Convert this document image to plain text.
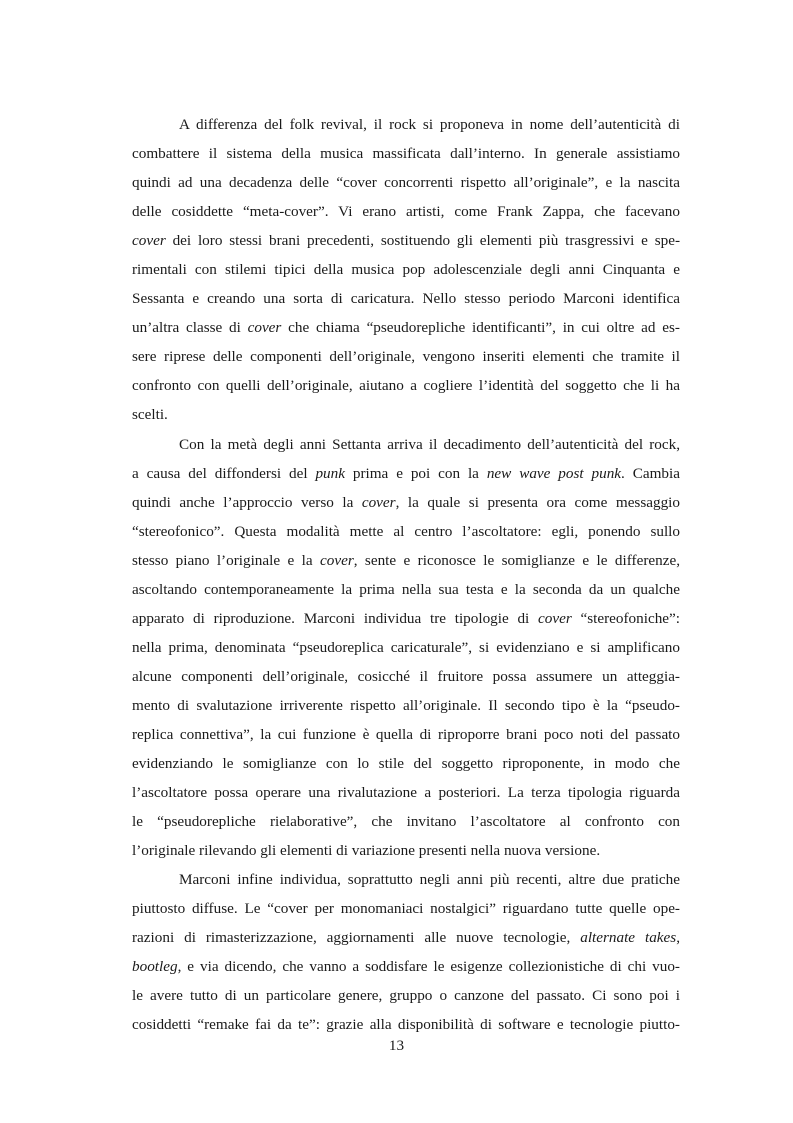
A differenza del folk revival, il rock si proponeva in nome dell’autenticità di
combattere il sistema della musica massificata dall’interno. In generale assistiamo
quindi ad una decadenza delle “cover concorrenti rispetto all’originale”, e la nascita
delle cosiddette “meta-cover”. Vi erano artisti, come Frank Zappa, che facevano
cover dei loro stessi brani precedenti, sostituendo gli elementi più trasgressivi e spe-
rimentali con stilemi tipici della musica pop adolescenziale degli anni Cinquanta e
Sessanta e creando una sorta di caricatura. Nello stesso periodo Marconi identifica
un’altra classe di cover che chiama “pseudorepliche identificanti”, in cui oltre ad es-
sere riprese delle componenti dell’originale, vengono inseriti elementi che tramite il
confronto con quelli dell’originale, aiutano a cogliere l’identità del soggetto che li ha
scelti.
Con la metà degli anni Settanta arriva il decadimento dell’autenticità del rock,
a causa del diffondersi del punk prima e poi con la new wave post punk. Cambia
quindi anche l’approccio verso la cover, la quale si presenta ora come messaggio
“stereofonico”. Questa modalità mette al centro l’ascoltatore: egli, ponendo sullo
stesso piano l’originale e la cover, sente e riconosce le somiglianze e le differenze,
ascoltando contemporaneamente la prima nella sua testa e la seconda da un qualche
apparato di riproduzione. Marconi individua tre tipologie di cover “stereofoniche”:
nella prima, denominata “pseudoreplica caricaturale”, si evidenziano e si amplificano
alcune componenti dell’originale, cosicché il fruitore possa assumere un atteggia-
mento di svalutazione irriverente rispetto all’originale. Il secondo tipo è la “pseudo-
replica connettiva”, la cui funzione è quella di riproporre brani poco noti del passato
evidenziando le somiglianze con lo stile del soggetto riproponente, in modo che
l’ascoltatore possa operare una rivalutazione a posteriori. La terza tipologia riguarda
le “pseudorepliche rielaborative”, che invitano l’ascoltatore al confronto con
l’originale rilevando gli elementi di variazione presenti nella nuova versione.
Marconi infine individua, soprattutto negli anni più recenti, altre due pratiche
piuttosto diffuse. Le “cover per monomaniaci nostalgici” riguardano tutte quelle ope-
razioni di rimasterizzazione, aggiornamenti alle nuove tecnologie, alternate takes,
bootleg, e via dicendo, che vanno a soddisfare le esigenze collezionistiche di chi vuo-
le avere tutto di un particolare genere, gruppo o canzone del passato. Ci sono poi i
cosiddetti “remake fai da te”: grazie alla disponibilità di software e tecnologie piutto-
13
